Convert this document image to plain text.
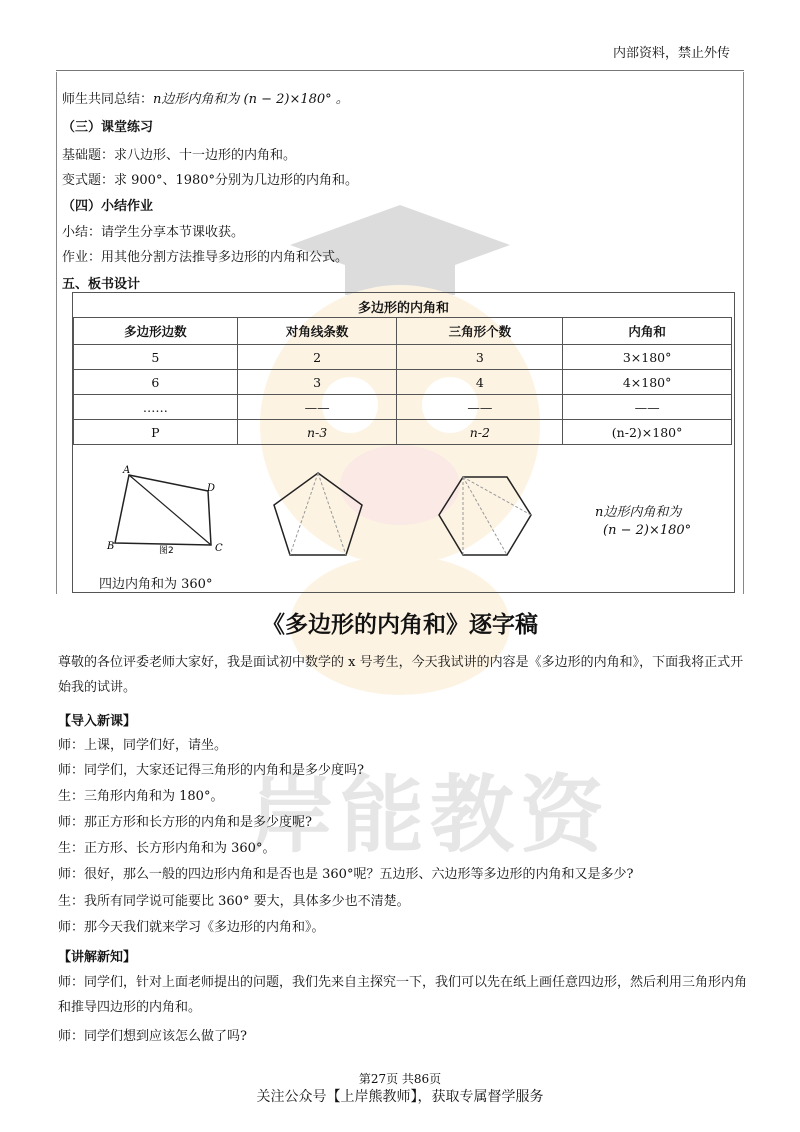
岸能教资
内部资料，禁止外传
师生共同总结：n边形内角和为 (n − 2)×180° 。
（三）课堂练习
基础题：求八边形、十一边形的内角和。
变式题：求 900°、1980°分别为几边形的内角和。
（四）小结作业
小结：请学生分享本节课收获。
作业：用其他分割方法推导多边形的内角和公式。
五、板书设计
多边形的内角和
多边形边数	对角线条数	三角形个数	内角和
5	2	3	3×180°
6	3	4	4×180°
……	——	——	——
P	n-3	n-2	(n-2)×180°
A
D
B	C
图2
n边形内角和为
(n − 2)×180°
四边内角和为 360°
《多边形的内角和》逐字稿
尊敬的各位评委老师大家好，我是面试初中数学的 x 号考生，今天我试讲的内容是《多边形的内角和》，下面我将正式开始我的试讲。
【导入新课】
师：上课，同学们好，请坐。
师：同学们，大家还记得三角形的内角和是多少度吗?
生：三角形内角和为 180°。
师：那正方形和长方形的内角和是多少度呢?
生：正方形、长方形内角和为 360°。
师：很好，那么一般的四边形内角和是否也是 360°呢？五边形、六边形等多边形的内角和又是多少?
生：我所有同学说可能要比 360° 要大，具体多少也不清楚。
师：那今天我们就来学习《多边形的内角和》。
【讲解新知】
师：同学们，针对上面老师提出的问题，我们先来自主探究一下，我们可以先在纸上画任意四边形，然后利用三角形内角和推导四边形的内角和。
师：同学们想到应该怎么做了吗?
第27页 共86页
关注公众号【上岸熊教师】，获取专属督学服务
